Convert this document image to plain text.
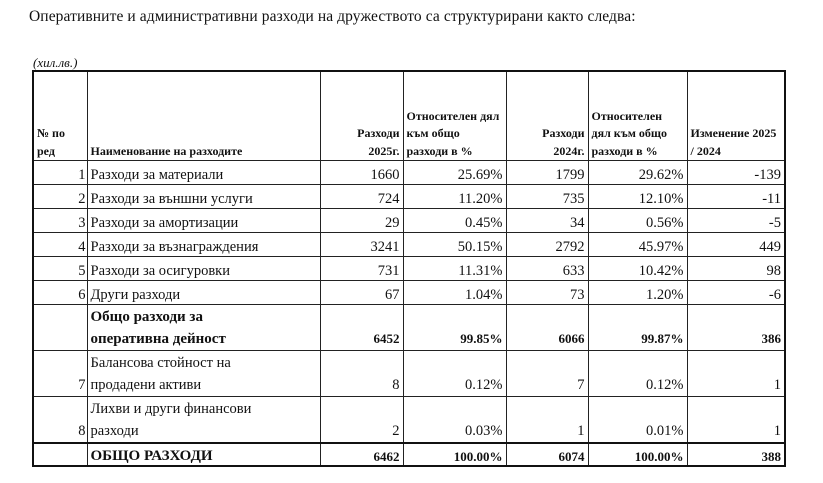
Оперативните и административни разходи на дружеството са структурирани както следва:
(хил.лв.)
№ по ред	Наименование на разходите	Разходи 2025г.	Относителен дял към общо разходи в %	Разходи 2024г.	Относителен дял към общо разходи в %	Изменение 2025 / 2024
1	Разходи за материали	1660	25.69%	1799	29.62%	-139
2	Разходи за външни услуги	724	11.20%	735	12.10%	-11
3	Разходи за амортизации	29	0.45%	34	0.56%	-5
4	Разходи за възнаграждения	3241	50.15%	2792	45.97%	449
5	Разходи за осигуровки	731	11.31%	633	10.42%	98
6	Други разходи	67	1.04%	73	1.20%	-6
	Общо разходи за
оперативна дейност	6452	99.85%	6066	99.87%	386
7	Балансова стойност на
продадени активи	8	0.12%	7	0.12%	1
8	Лихви и други финансови
разходи	2	0.03%	1	0.01%	1
	ОБЩО РАЗХОДИ	6462	100.00%	6074	100.00%	388
